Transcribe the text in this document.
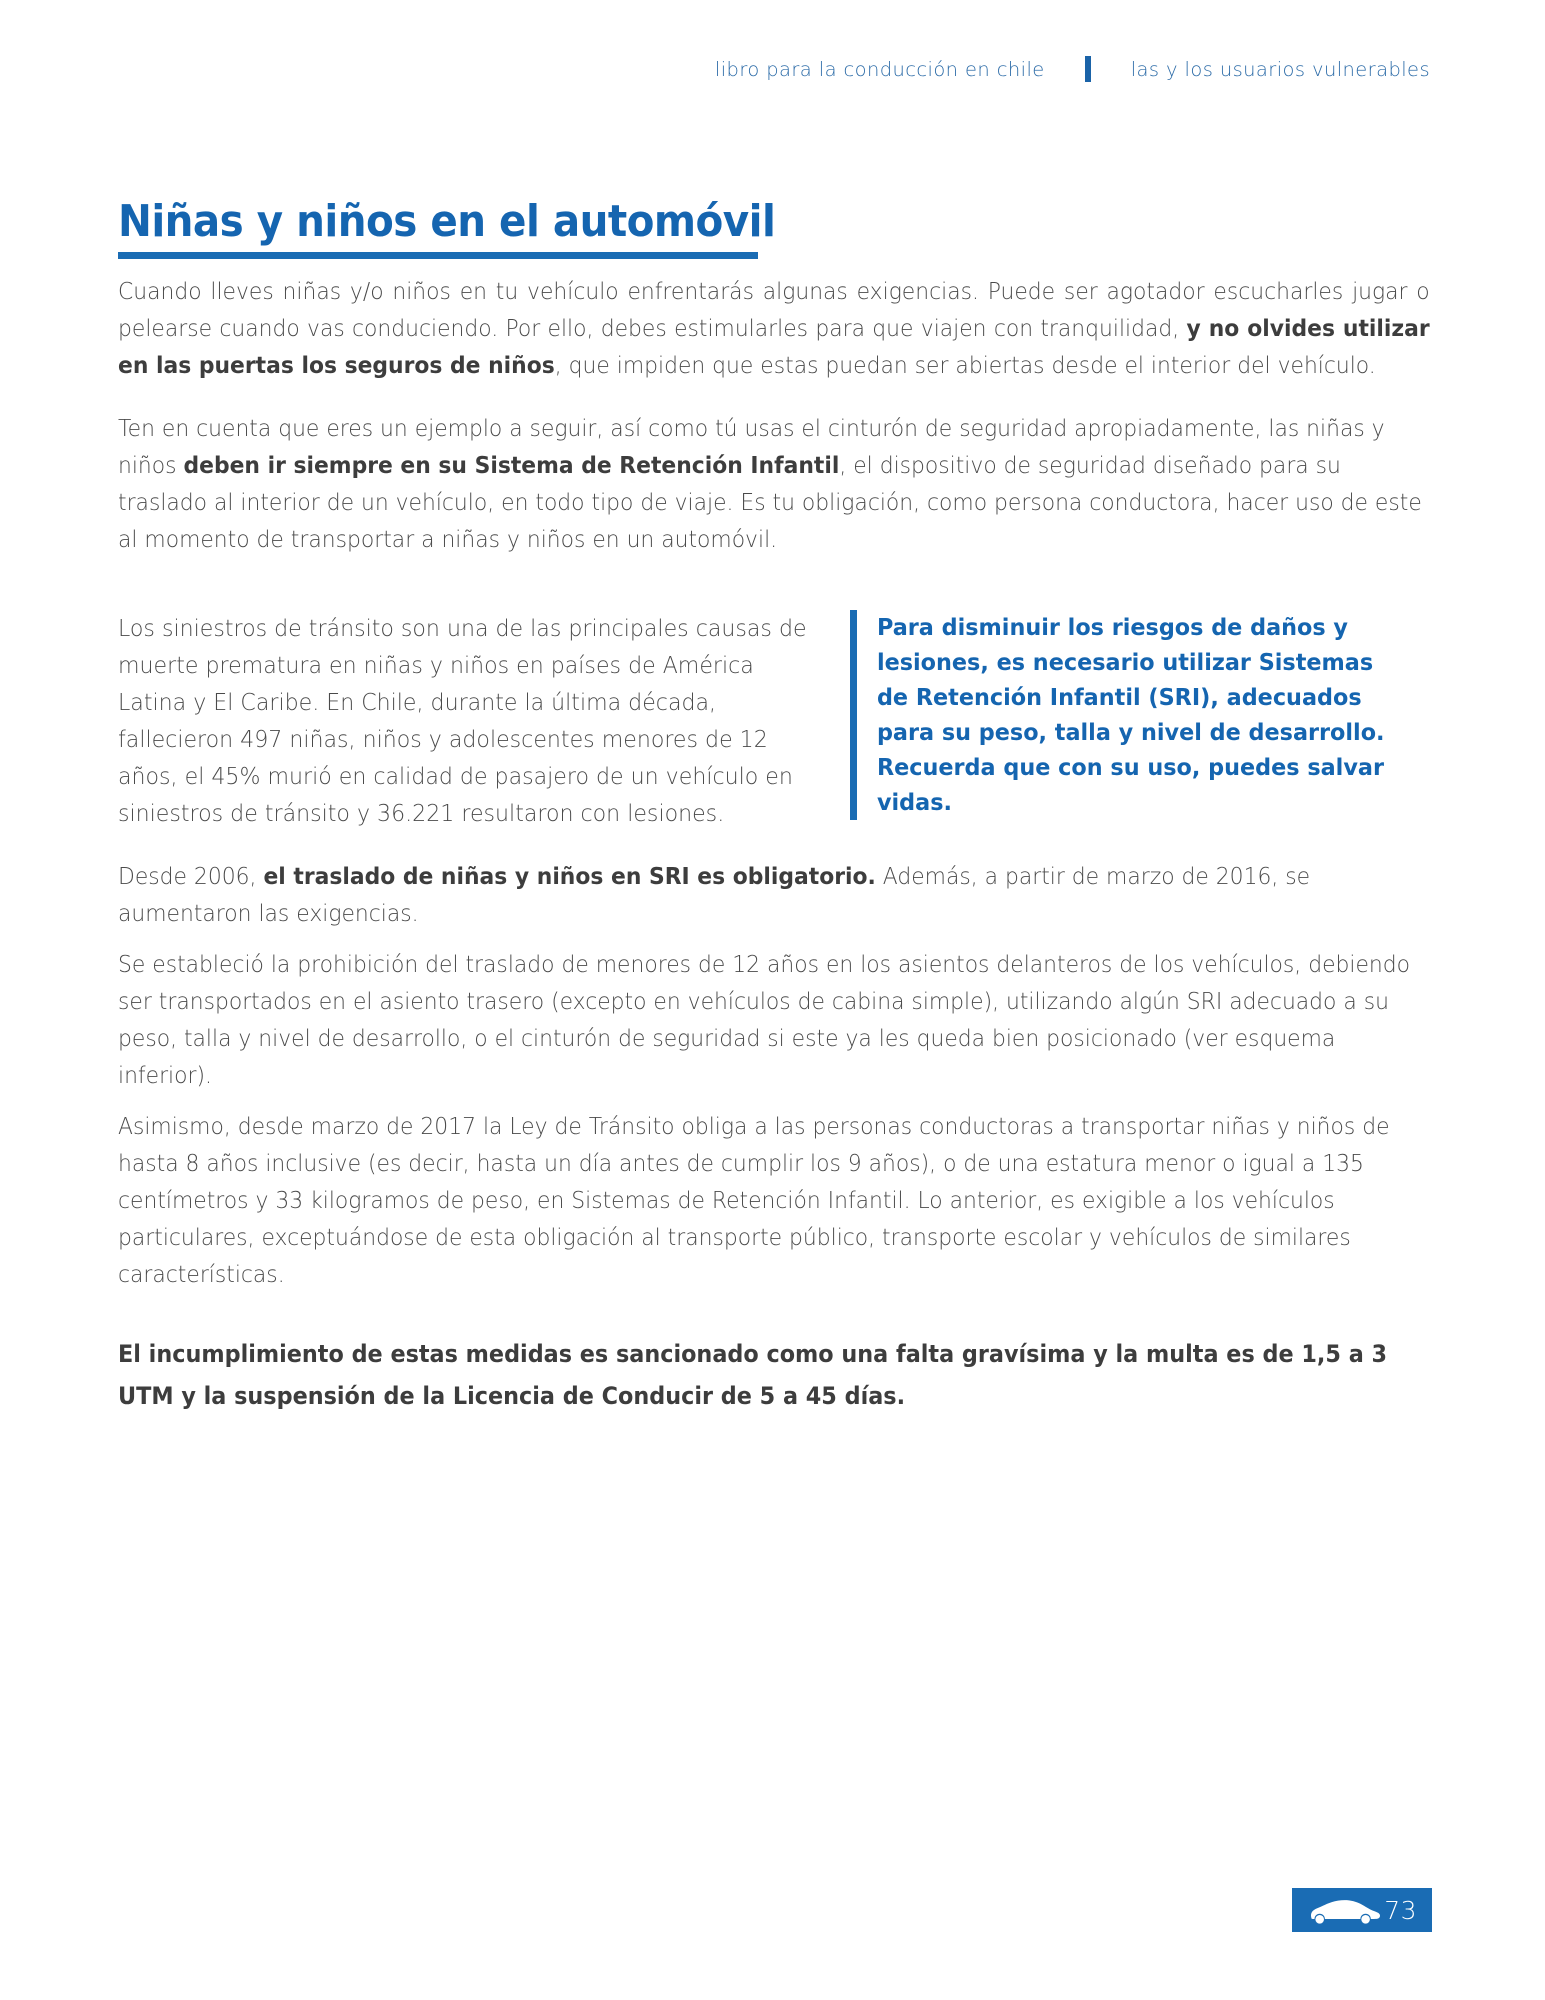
libro para la conducción en chile	las y los usuarios vulnerables
Niñas y niños en el automóvil

Cuando lleves niñas y/o niños en tu vehículo enfrentarás algunas exigencias. Puede ser agotador escucharles jugar o pelearse cuando vas conduciendo. Por ello, debes estimularles para que viajen con tranquilidad, y no olvides utilizar en las puertas los seguros de niños, que impiden que estas puedan ser abiertas desde el interior del vehículo.

Ten en cuenta que eres un ejemplo a seguir, así como tú usas el cinturón de seguridad apropiadamente, las niñas y niños deben ir siempre en su Sistema de Retención Infantil, el dispositivo de seguridad diseñado para su traslado al interior de un vehículo, en todo tipo de viaje. Es tu obligación, como persona conductora, hacer uso de este al momento de transportar a niñas y niños en un automóvil.

Los siniestros de tránsito son una de las principales causas de muerte prematura en niñas y niños en países de América Latina y El Caribe. En Chile, durante la última década, fallecieron 497 niñas, niños y adolescentes menores de 12 años, el 45% murió en calidad de pasajero de un vehículo en siniestros de tránsito y 36.221 resultaron con lesiones.

Para disminuir los riesgos de daños y lesiones, es necesario utilizar Sistemas de Retención Infantil (SRI), adecuados para su peso, talla y nivel de desarrollo. Recuerda que con su uso, puedes salvar vidas.

Desde 2006, el traslado de niñas y niños en SRI es obligatorio. Además, a partir de marzo de 2016, se aumentaron las exigencias.

Se estableció la prohibición del traslado de menores de 12 años en los asientos delanteros de los vehículos, debiendo ser transportados en el asiento trasero (excepto en vehículos de cabina simple), utilizando algún SRI adecuado a su peso, talla y nivel de desarrollo, o el cinturón de seguridad si este ya les queda bien posicionado (ver esquema inferior).

Asimismo, desde marzo de 2017 la Ley de Tránsito obliga a las personas conductoras a transportar niñas y niños de hasta 8 años inclusive (es decir, hasta un día antes de cumplir los 9 años), o de una estatura menor o igual a 135 centímetros y 33 kilogramos de peso, en Sistemas de Retención Infantil. Lo anterior, es exigible a los vehículos particulares, exceptuándose de esta obligación al transporte público, transporte escolar y vehículos de similares características.

El incumplimiento de estas medidas es sancionado como una falta gravísima y la multa es de 1,5 a 3 UTM y la suspensión de la Licencia de Conducir de 5 a 45 días.

73
